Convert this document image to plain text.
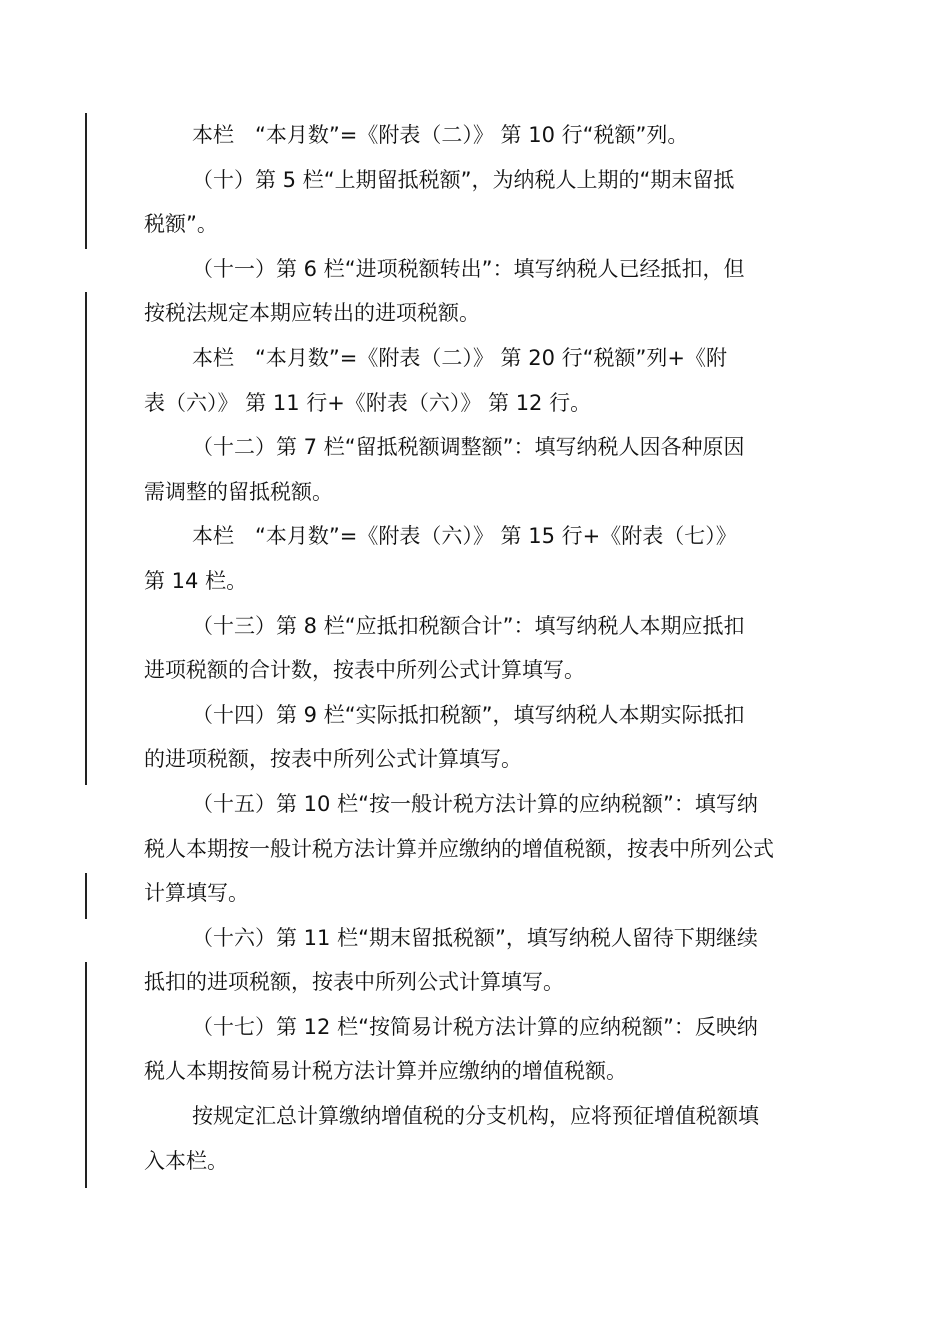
本栏　“本月数”=《附表（二）》 第 10 行“税额”列。

（十）第 5 栏“上期留抵税额”，为纳税人上期的“期末留抵
税额”。

（十一）第 6 栏“进项税额转出”：填写纳税人已经抵扣，但
按税法规定本期应转出的进项税额。

本栏　“本月数”=《附表（二）》 第 20 行“税额”列+《附
表（六）》 第 11 行+《附表（六）》 第 12 行。

（十二）第 7 栏“留抵税额调整额”：填写纳税人因各种原因
需调整的留抵税额。

本栏　“本月数”=《附表（六）》 第 15 行+《附表（七）》
第 14 栏。

（十三）第 8 栏“应抵扣税额合计”：填写纳税人本期应抵扣
进项税额的合计数，按表中所列公式计算填写。

（十四）第 9 栏“实际抵扣税额”，填写纳税人本期实际抵扣
的进项税额，按表中所列公式计算填写。

（十五）第 10 栏“按一般计税方法计算的应纳税额”：填写纳
税人本期按一般计税方法计算并应缴纳的增值税额，按表中所列公式
计算填写。

（十六）第 11 栏“期末留抵税额”，填写纳税人留待下期继续
抵扣的进项税额，按表中所列公式计算填写。

（十七）第 12 栏“按简易计税方法计算的应纳税额”：反映纳
税人本期按简易计税方法计算并应缴纳的增值税额。

按规定汇总计算缴纳增值税的分支机构，应将预征增值税额填
入本栏。
